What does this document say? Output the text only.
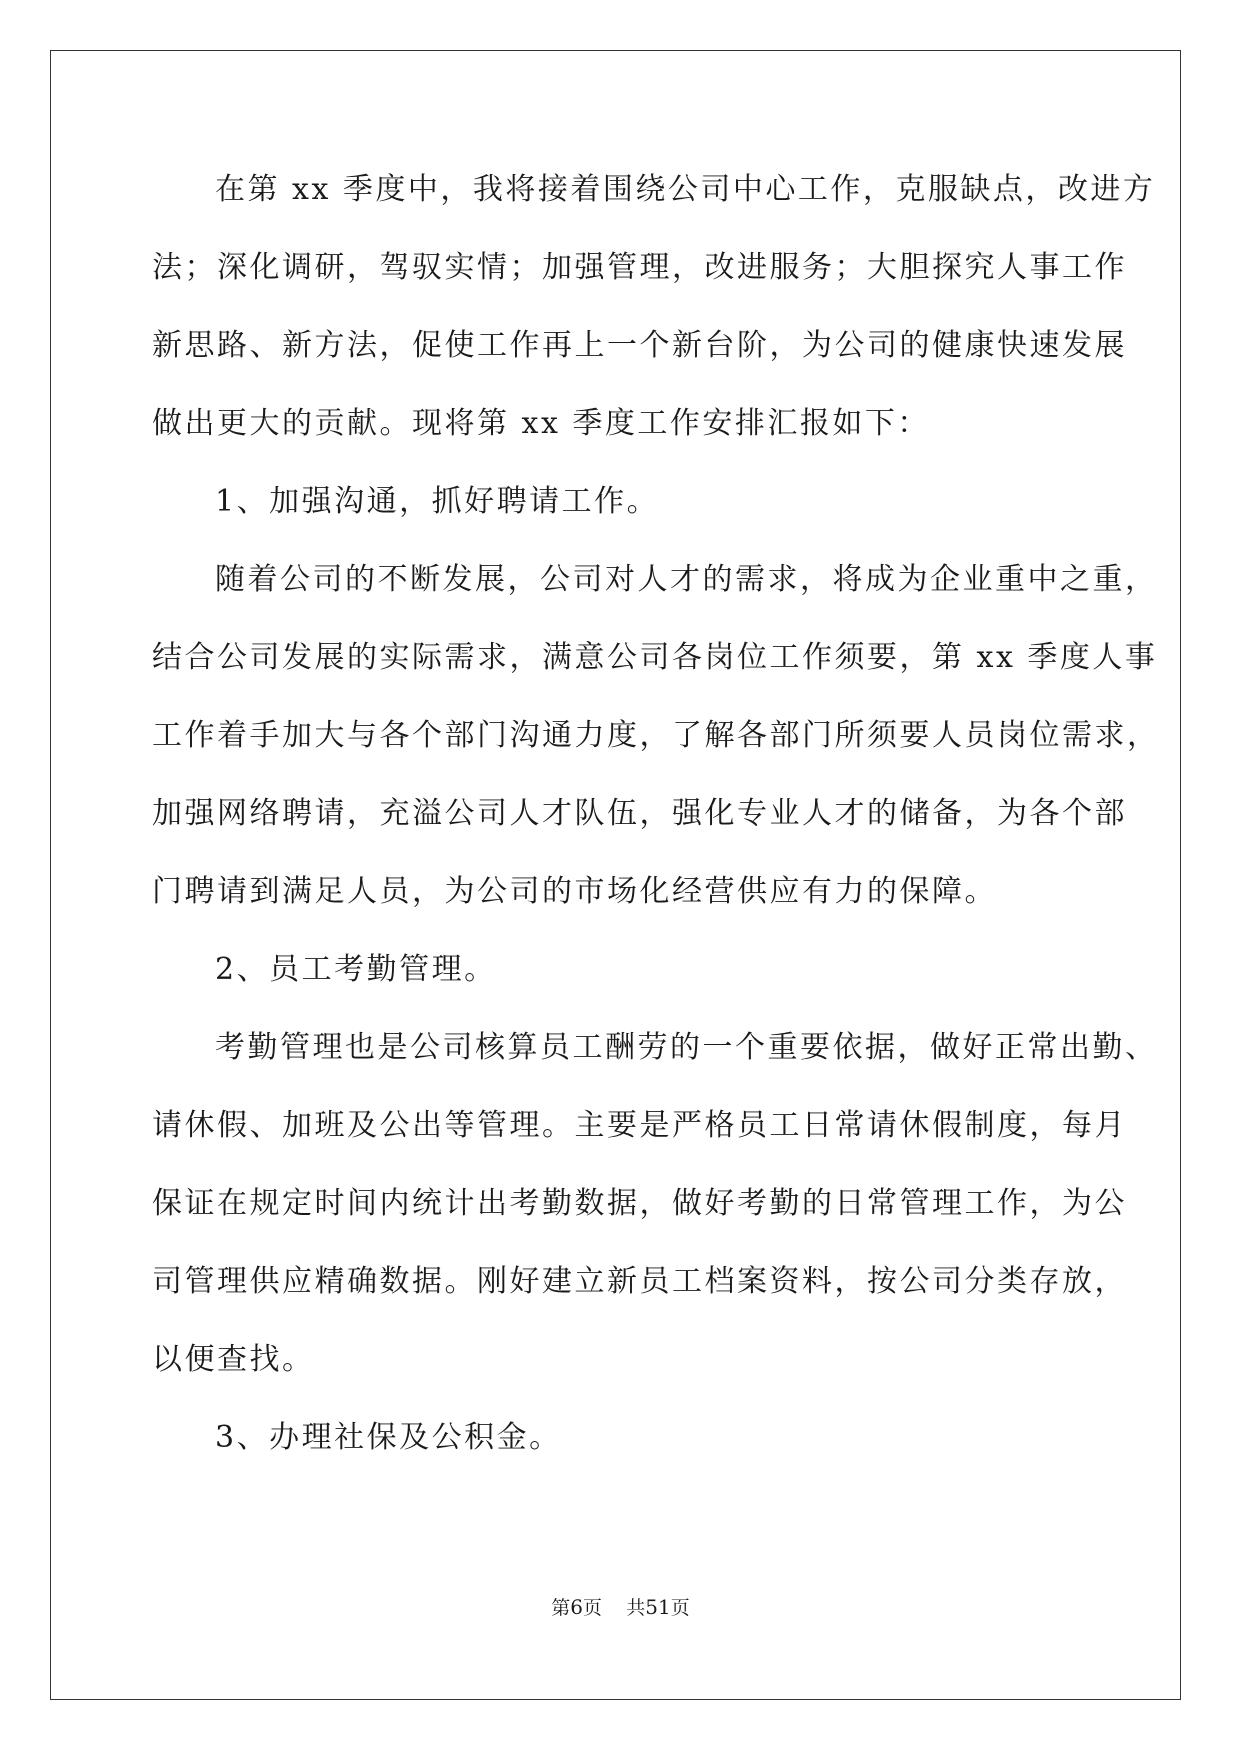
在第 xx 季度中，我将接着围绕公司中心工作，克服缺点，改进方
法；深化调研，驾驭实情；加强管理，改进服务；大胆探究人事工作
新思路、新方法，促使工作再上一个新台阶，为公司的健康快速发展
做出更大的贡献。现将第 xx 季度工作安排汇报如下：
1、加强沟通，抓好聘请工作。
随着公司的不断发展，公司对人才的需求，将成为企业重中之重，
结合公司发展的实际需求，满意公司各岗位工作须要，第 xx 季度人事
工作着手加大与各个部门沟通力度，了解各部门所须要人员岗位需求，
加强网络聘请，充溢公司人才队伍，强化专业人才的储备，为各个部
门聘请到满足人员，为公司的市场化经营供应有力的保障。
2、员工考勤管理。
考勤管理也是公司核算员工酬劳的一个重要依据，做好正常出勤、
请休假、加班及公出等管理。主要是严格员工日常请休假制度，每月
保证在规定时间内统计出考勤数据，做好考勤的日常管理工作，为公
司管理供应精确数据。刚好建立新员工档案资料，按公司分类存放，
以便查找。
3、办理社保及公积金。
第6页 共51页
